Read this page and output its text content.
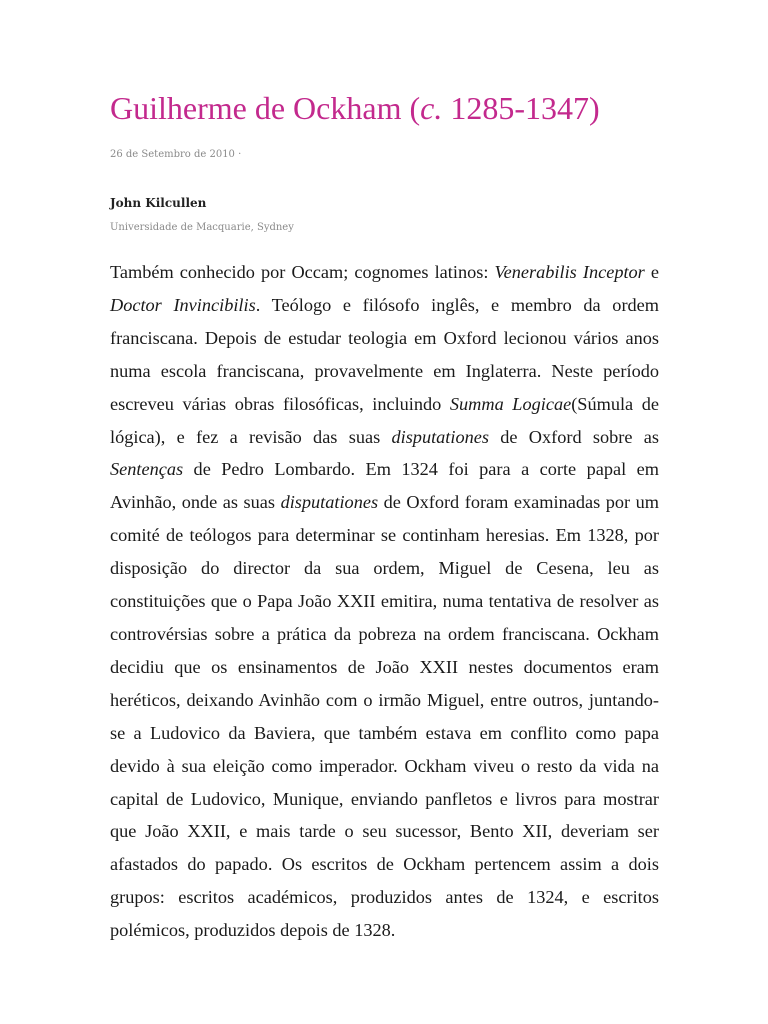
Guilherme de Ockham (c. 1285-1347)
26 de Setembro de 2010 ·
John Kilcullen
Universidade de Macquarie, Sydney

Também conhecido por Occam; cognomes latinos: Venerabilis Inceptor e Doctor Invincibilis. Teólogo e filósofo inglês, e membro da ordem franciscana. Depois de estudar teologia em Oxford lecionou vários anos numa escola franciscana, provavelmente em Inglaterra. Neste período escreveu várias obras filosóficas, incluindo Summa Logicae(Súmula de lógica), e fez a revisão das suas disputationes de Oxford sobre as Sentenças de Pedro Lombardo. Em 1324 foi para a corte papal em Avinhão, onde as suas disputationes de Oxford foram examinadas por um comité de teólogos para determinar se continham heresias. Em 1328, por disposição do director da sua ordem, Miguel de Cesena, leu as constituições que o Papa João XXII emitira, numa tentativa de resolver as controvérsias sobre a prática da pobreza na ordem franciscana. Ockham decidiu que os ensinamentos de João XXII nestes documentos eram heréticos, deixando Avinhão com o irmão Miguel, entre outros, juntando-se a Ludovico da Baviera, que também estava em conflito como papa devido à sua eleição como imperador. Ockham viveu o resto da vida na capital de Ludovico, Munique, enviando panfletos e livros para mostrar que João XXII, e mais tarde o seu sucessor, Bento XII, deveriam ser afastados do papado. Os escritos de Ockham pertencem assim a dois grupos: escritos académicos, produzidos antes de 1324, e escritos polémicos, produzidos depois de 1328.
